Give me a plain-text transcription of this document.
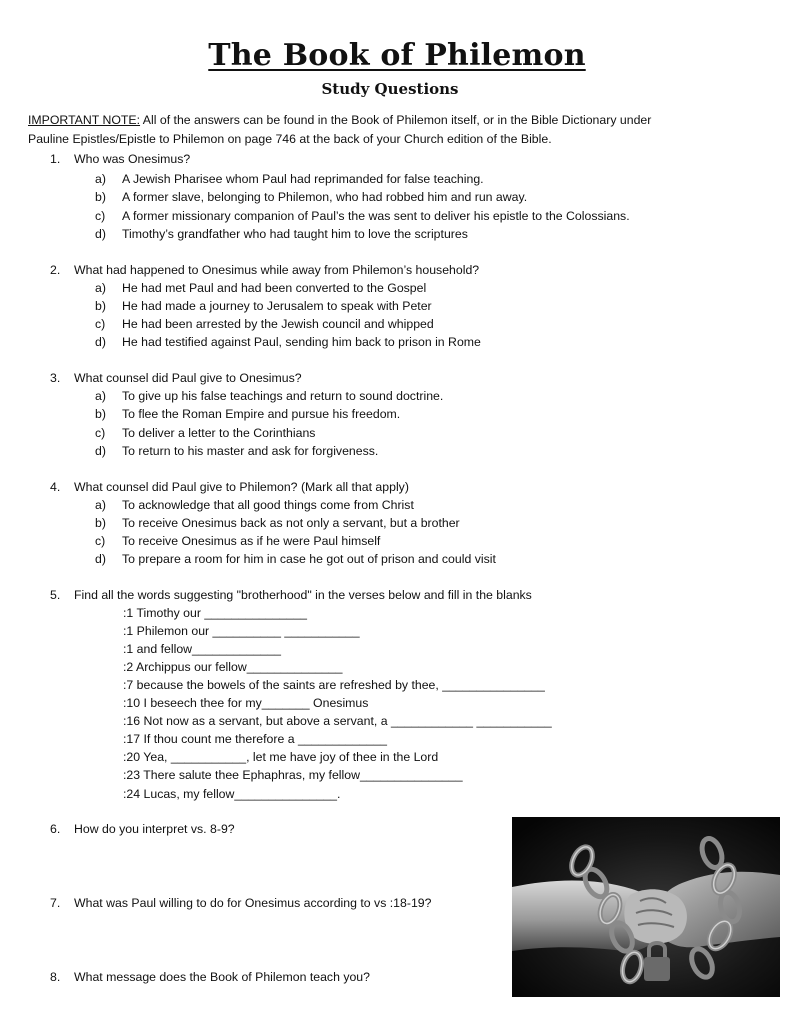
The Book of Philemon
Study Questions
IMPORTANT NOTE: All of the answers can be found in the Book of Philemon itself, or in the Bible Dictionary under
Pauline Epistles/Epistle to Philemon on page 746 at the back of your Church edition of the Bible.
1. Who was Onesimus?
a) A Jewish Pharisee whom Paul had reprimanded for false teaching.
b) A former slave, belonging to Philemon, who had robbed him and run away.
c) A former missionary companion of Paul’s the was sent to deliver his epistle to the Colossians.
d) Timothy’s grandfather who had taught him to love the scriptures
2. What had happened to Onesimus while away from Philemon’s household?
a) He had met Paul and had been converted to the Gospel
b) He had made a journey to Jerusalem to speak with Peter
c) He had been arrested by the Jewish council and whipped
d) He had testified against Paul, sending him back to prison in Rome
3. What counsel did Paul give to Onesimus?
a) To give up his false teachings and return to sound doctrine.
b) To flee the Roman Empire and pursue his freedom.
c) To deliver a letter to the Corinthians
d) To return to his master and ask for forgiveness.
4. What counsel did Paul give to Philemon? (Mark all that apply)
a) To acknowledge that all good things come from Christ
b) To receive Onesimus back as not only a servant, but a brother
c) To receive Onesimus as if he were Paul himself
d) To prepare a room for him in case he got out of prison and could visit
5. Find all the words suggesting "brotherhood" in the verses below and fill in the blanks
:1 Timothy our _______________
:1 Philemon our __________ ___________
:1 and fellow_____________
:2 Archippus our fellow______________
:7 because the bowels of the saints are refreshed by thee, _______________
:10 I beseech thee for my_______ Onesimus
:16 Not now as a servant, but above a servant, a ____________ ___________
:17 If thou count me therefore a _____________
:20 Yea, ___________, let me have joy of thee in the Lord
:23 There salute thee Ephaphras, my fellow_______________
:24 Lucas, my fellow_______________.
6. How do you interpret vs. 8-9?
7. What was Paul willing to do for Onesimus according to vs :18-19?
8. What message does the Book of Philemon teach you?
